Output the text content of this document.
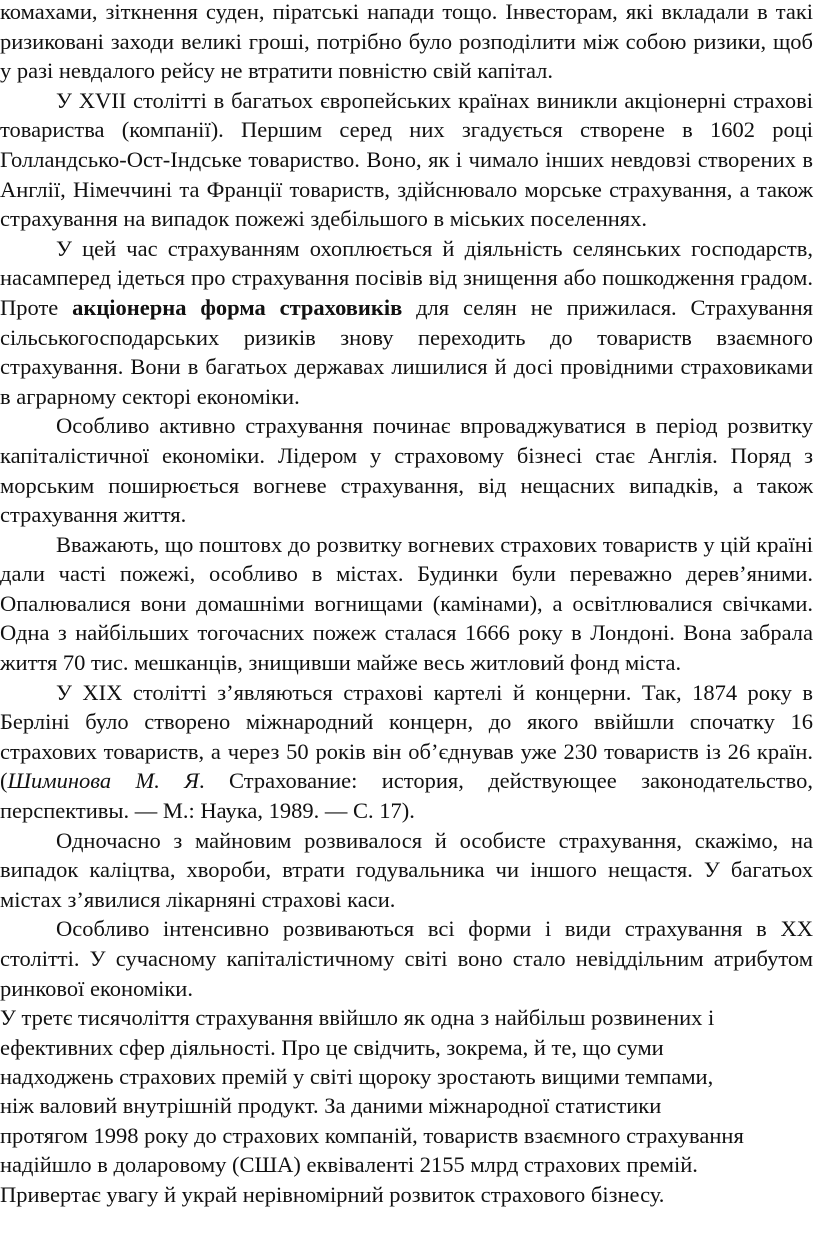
комахами, зіткнення суден, піратські напади тощо. Інвесторам, які вкладали в такі ризиковані заходи великі гроші, потрібно було розподілити між собою ризики, щоб у разі невдалого рейсу не втратити повністю свій капітал.

У XVII столітті в багатьох європейських країнах виникли акціонерні страхові товариства (компанії). Першим серед них згадується створене в 1602 році Голландсько-Ост-Індське товариство. Воно, як і чимало інших невдовзі створених в Англії, Німеччині та Франції товариств, здійснювало морське страхування, а також страхування на випадок пожежі здебільшого в міських поселеннях.

У цей час страхуванням охоплюється й діяльність селянських господарств, насамперед ідеться про страхування посівів від знищення або пошкодження градом. Проте акціонерна форма страховиків для селян не прижилася. Страхування сільськогосподарських ризиків знову переходить до товариств взаємного страхування. Вони в багатьох державах лишилися й досі провідними страховиками в аграрному секторі економіки.

Особливо активно страхування починає впроваджуватися в період розвитку капіталістичної економіки. Лідером у страховому бізнесі стає Англія. Поряд з морським поширюється вогневе страхування, від нещасних випадків, а також страхування життя.

Вважають, що поштовх до розвитку вогневих страхових товариств у цій країні дали часті пожежі, особливо в містах. Будинки були переважно дерев’яними. Опалювалися вони домашніми вогнищами (камінами), а освітлювалися свічками. Одна з найбільших тогочасних пожеж сталася 1666 року в Лондоні. Вона забрала життя 70 тис. мешканців, знищивши майже весь житловий фонд міста.

У XIX столітті з’являються страхові картелі й концерни. Так, 1874 року в Берліні було створено міжнародний концерн, до якого ввійшли спочатку 16 страхових товариств, а через 50 років він об’єднував уже 230 товариств із 26 країн. (Шиминова М. Я. Страхование: история, действующее законодательство, перспективы. — М.: Наука, 1989. — С. 17).

Одночасно з майновим розвивалося й особисте страхування, скажімо, на випадок каліцтва, хвороби, втрати годувальника чи іншого нещастя. У багатьох містах з’явилися лікарняні страхові каси.

Особливо інтенсивно розвиваються всі форми і види страхування в ХХ столітті. У сучасному капіталістичному світі воно стало невіддільним атрибутом ринкової економіки.

У третє тисячоліття страхування ввійшло як одна з найбільш розвинених і
ефективних сфер діяльності. Про це свідчить, зокрема, й те, що суми
надходжень страхових премій у світі щороку зростають вищими темпами,
ніж валовий внутрішній продукт. За даними міжнародної статистики
протягом 1998 року до страхових компаній, товариств взаємного страхування
надійшло в доларовому (США) еквіваленті 2155 млрд страхових премій.
Привертає увагу й украй нерівномірний розвиток страхового бізнесу.
